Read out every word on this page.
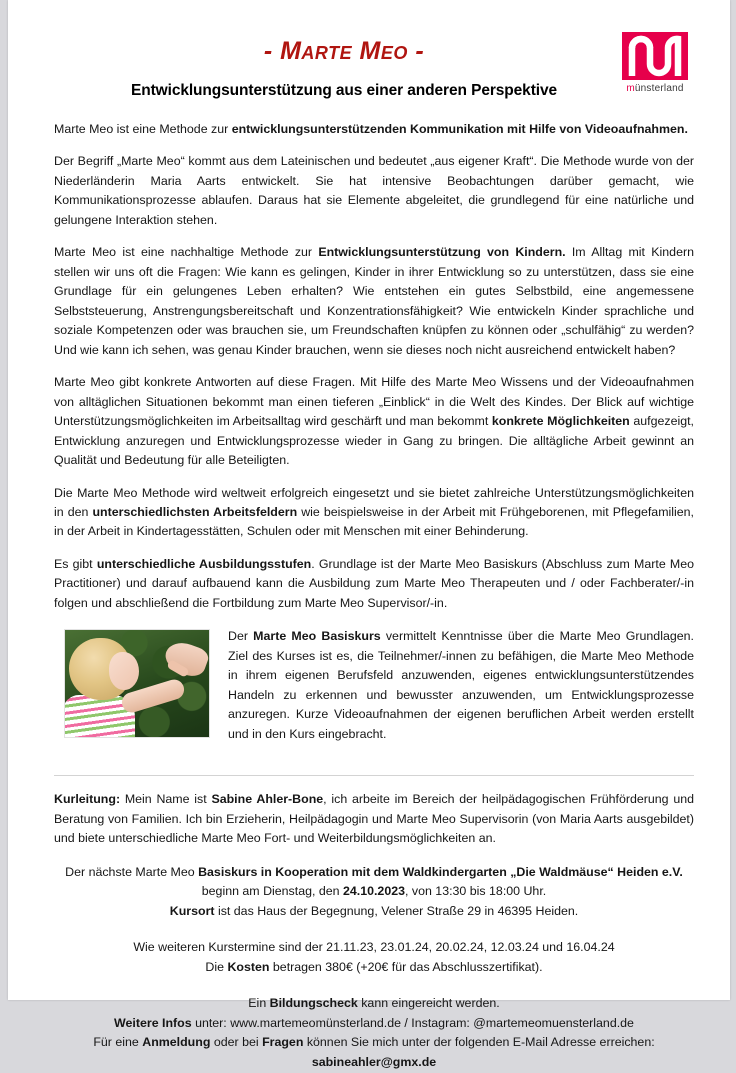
- Marte Meo -
Entwicklungsunterstützung aus einer anderen Perspektive	münsterland

Marte Meo ist eine Methode zur entwicklungsunterstützenden Kommunikation mit Hilfe von Videoaufnahmen.

Der Begriff „Marte Meo“ kommt aus dem Lateinischen und bedeutet „aus eigener Kraft“. Die Methode wurde von der Niederländerin Maria Aarts entwickelt. Sie hat intensive Beobachtungen darüber gemacht, wie Kommunikationsprozesse ablaufen. Daraus hat sie Elemente abgeleitet, die grundlegend für eine natürliche und gelungene Interaktion stehen.

Marte Meo ist eine nachhaltige Methode zur Entwicklungsunterstützung von Kindern. Im Alltag mit Kindern stellen wir uns oft die Fragen: Wie kann es gelingen, Kinder in ihrer Entwicklung so zu unterstützen, dass sie eine Grundlage für ein gelungenes Leben erhalten? Wie entstehen ein gutes Selbstbild, eine angemessene Selbststeuerung, Anstrengungsbereitschaft und Konzentrationsfähigkeit? Wie entwickeln Kinder sprachliche und soziale Kompetenzen oder was brauchen sie, um Freundschaften knüpfen zu können oder „schulfähig“ zu werden? Und wie kann ich sehen, was genau Kinder brauchen, wenn sie dieses noch nicht ausreichend entwickelt haben?

Marte Meo gibt konkrete Antworten auf diese Fragen. Mit Hilfe des Marte Meo Wissens und der Videoaufnahmen von alltäglichen Situationen bekommt man einen tieferen „Einblick“ in die Welt des Kindes. Der Blick auf wichtige Unterstützungsmöglichkeiten im Arbeitsalltag wird geschärft und man bekommt konkrete Möglichkeiten aufgezeigt, Entwicklung anzuregen und Entwicklungsprozesse wieder in Gang zu bringen. Die alltägliche Arbeit gewinnt an Qualität und Bedeutung für alle Beteiligten.

Die Marte Meo Methode wird weltweit erfolgreich eingesetzt und sie bietet zahlreiche Unterstützungsmöglichkeiten in den unterschiedlichsten Arbeitsfeldern wie beispielsweise in der Arbeit mit Frühgeborenen, mit Pflegefamilien, in der Arbeit in Kindertagesstätten, Schulen oder mit Menschen mit einer Behinderung.

Es gibt unterschiedliche Ausbildungsstufen. Grundlage ist der Marte Meo Basiskurs (Abschluss zum Marte Meo Practitioner) und darauf aufbauend kann die Ausbildung zum Marte Meo Therapeuten und / oder Fachberater/-in folgen und abschließend die Fortbildung zum Marte Meo Supervisor/-in.

Der Marte Meo Basiskurs vermittelt Kenntnisse über die Marte Meo Grundlagen. Ziel des Kurses ist es, die Teilnehmer/-innen zu befähigen, die Marte Meo Methode in ihrem eigenen Berufsfeld anzuwenden, eigenes entwicklungsunterstützendes Handeln zu erkennen und bewusster anzuwenden, um Entwicklungsprozesse anzuregen. Kurze Videoaufnahmen der eigenen beruflichen Arbeit werden erstellt und in den Kurs eingebracht.

Kurleitung: Mein Name ist Sabine Ahler-Bone, ich arbeite im Bereich der heilpädagogischen Frühförderung und Beratung von Familien. Ich bin Erzieherin, Heilpädagogin und Marte Meo Supervisorin (von Maria Aarts ausgebildet) und biete unterschiedliche Marte Meo Fort- und Weiterbildungsmöglichkeiten an.

Der nächste Marte Meo Basiskurs in Kooperation mit dem Waldkindergarten „Die Waldmäuse“ Heiden e.V.
beginn am Dienstag, den 24.10.2023, von 13:30 bis 18:00 Uhr.
Kursort ist das Haus der Begegnung, Velener Straße 29 in 46395 Heiden.
Wie weiteren Kurstermine sind der 21.11.23, 23.01.24, 20.02.24, 12.03.24 und 16.04.24
Die Kosten betragen 380€ (+20€ für das Abschlusszertifikat).
Ein Bildungscheck kann eingereicht werden.
Weitere Infos unter: www.martemeomünsterland.de / Instagram: @martemeomuensterland.de
Für eine Anmeldung oder bei Fragen können Sie mich unter der folgenden E-Mail Adresse erreichen:
sabineahler@gmx.de
